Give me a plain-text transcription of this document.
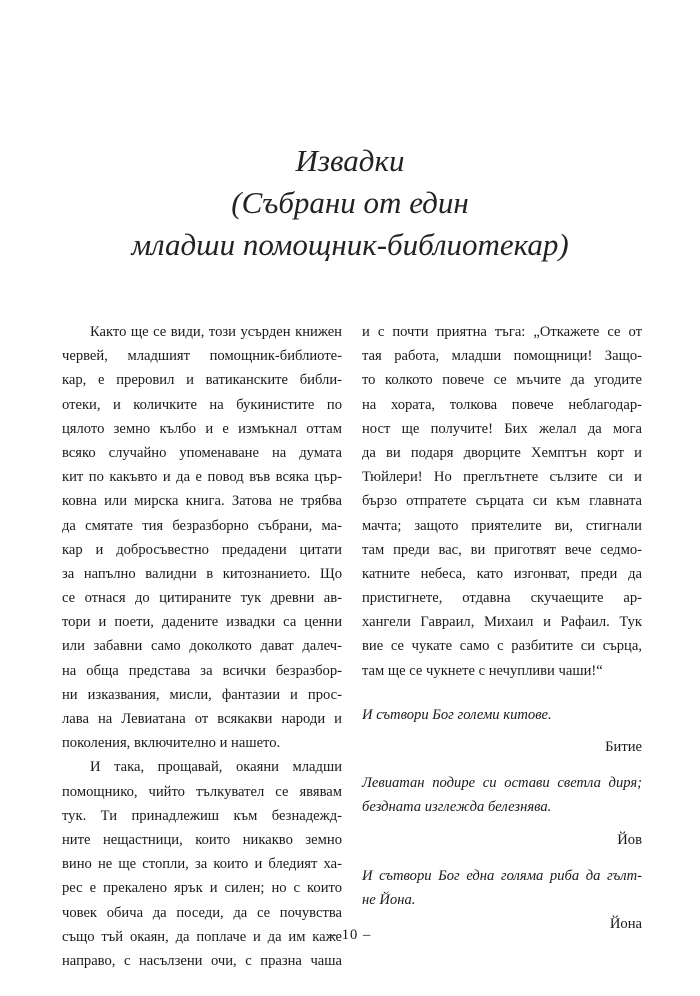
Извадки
(Събрани от един
младши помощник-библиотекар)
Както ще се види, този усърден книжен
червей, младшият помощник-библиоте-
кар, е преровил и ватиканските библи-
отеки, и количките на букинистите по
цялото земно кълбо и е измъкнал оттам
всяко случайно упоменаване на думата
кит по какъвто и да е повод във всяка цър-
ковна или мирска книга. Затова не трябва
да смятате тия безразборно събрани, ма-
кар и добросъвестно предадени цитати
за напълно валидни в китознанието. Що
се отнася до цитираните тук древни ав-
тори и поети, дадените извадки са ценни
или забавни само доколкото дават далеч-
на обща представа за всички безразбор-
ни изказвания, мисли, фантазии и прос-
лава на Левиатана от всякакви народи и
поколения, включително и нашето.
И така, прощавай, окаяни младши
помощнико, чийто тълкувател се явявам
тук. Ти принадлежиш към безнадежд-
ните нещастници, които никакво земно
вино не ще стопли, за които и бледият ха-
рес е прекалено ярък и силен; но с които
човек обича да поседи, да се почувства
също тъй окаян, да поплаче и да им каже
направо, с насълзени очи, с празна чаша
и с почти приятна тъга: „Откажете се от
тая работа, младши помощници! Защо-
то колкото повече се мъчите да угодите
на хората, толкова повече неблагодар-
ност ще получите! Бих желал да мога
да ви подаря дворците Хемптън корт и
Тюйлери! Но преглътнете сълзите си и
бързо отпратете сърцата си към главната
мачта; защото приятелите ви, стигнали
там преди вас, ви приготвят вече седмо-
катните небеса, като изгонват, преди да
пристигнете, отдавна скучаещите ар-
хангели Гавраил, Михаил и Рафаил. Тук
вие се чукате само с разбитите си сърца,
там ще се чукнете с нечупливи чаши!“
И сътвори Бог големи китове.
Битие
Левиатан подире си остави светла диря;
бездната изглежда белезнява.
Йов
И сътвори Бог една голяма риба да гълт-
не Йона.
Йона
– 10 –
